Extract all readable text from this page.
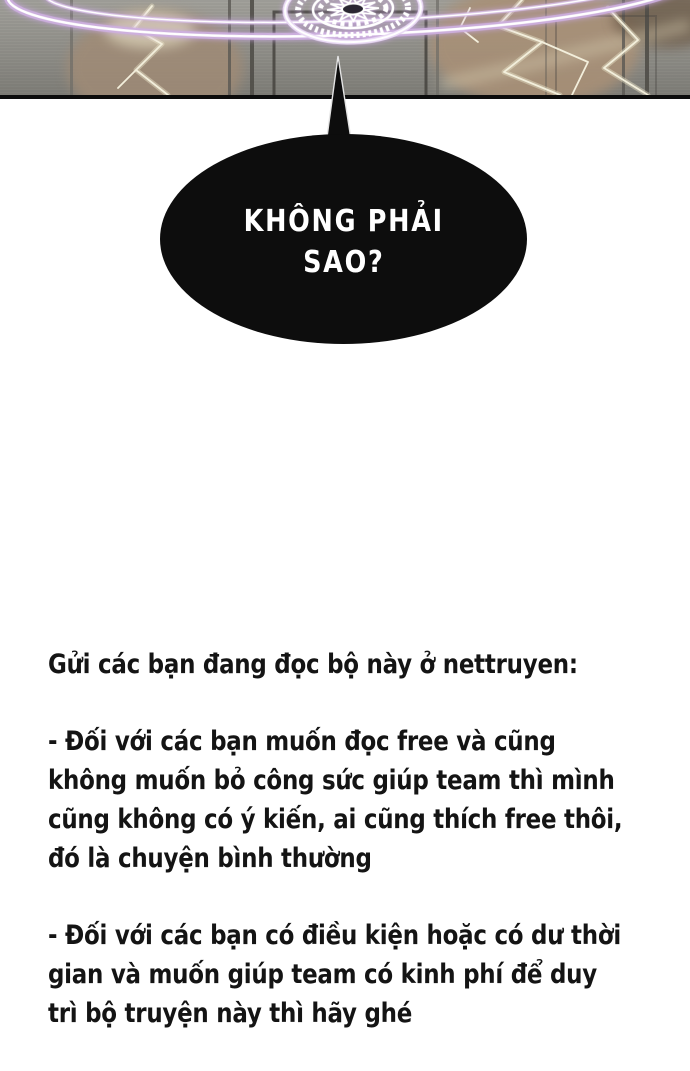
KHÔNG PHẢI
SAO?

Gửi các bạn đang đọc bộ này ở nettruyen:

- Đối với các bạn muốn đọc free và cũng
không muốn bỏ công sức giúp team thì mình
cũng không có ý kiến, ai cũng thích free thôi,
đó là chuyện bình thường

- Đối với các bạn có điều kiện hoặc có dư thời
gian và muốn giúp team có kinh phí để duy
trì bộ truyện này thì hãy ghé
